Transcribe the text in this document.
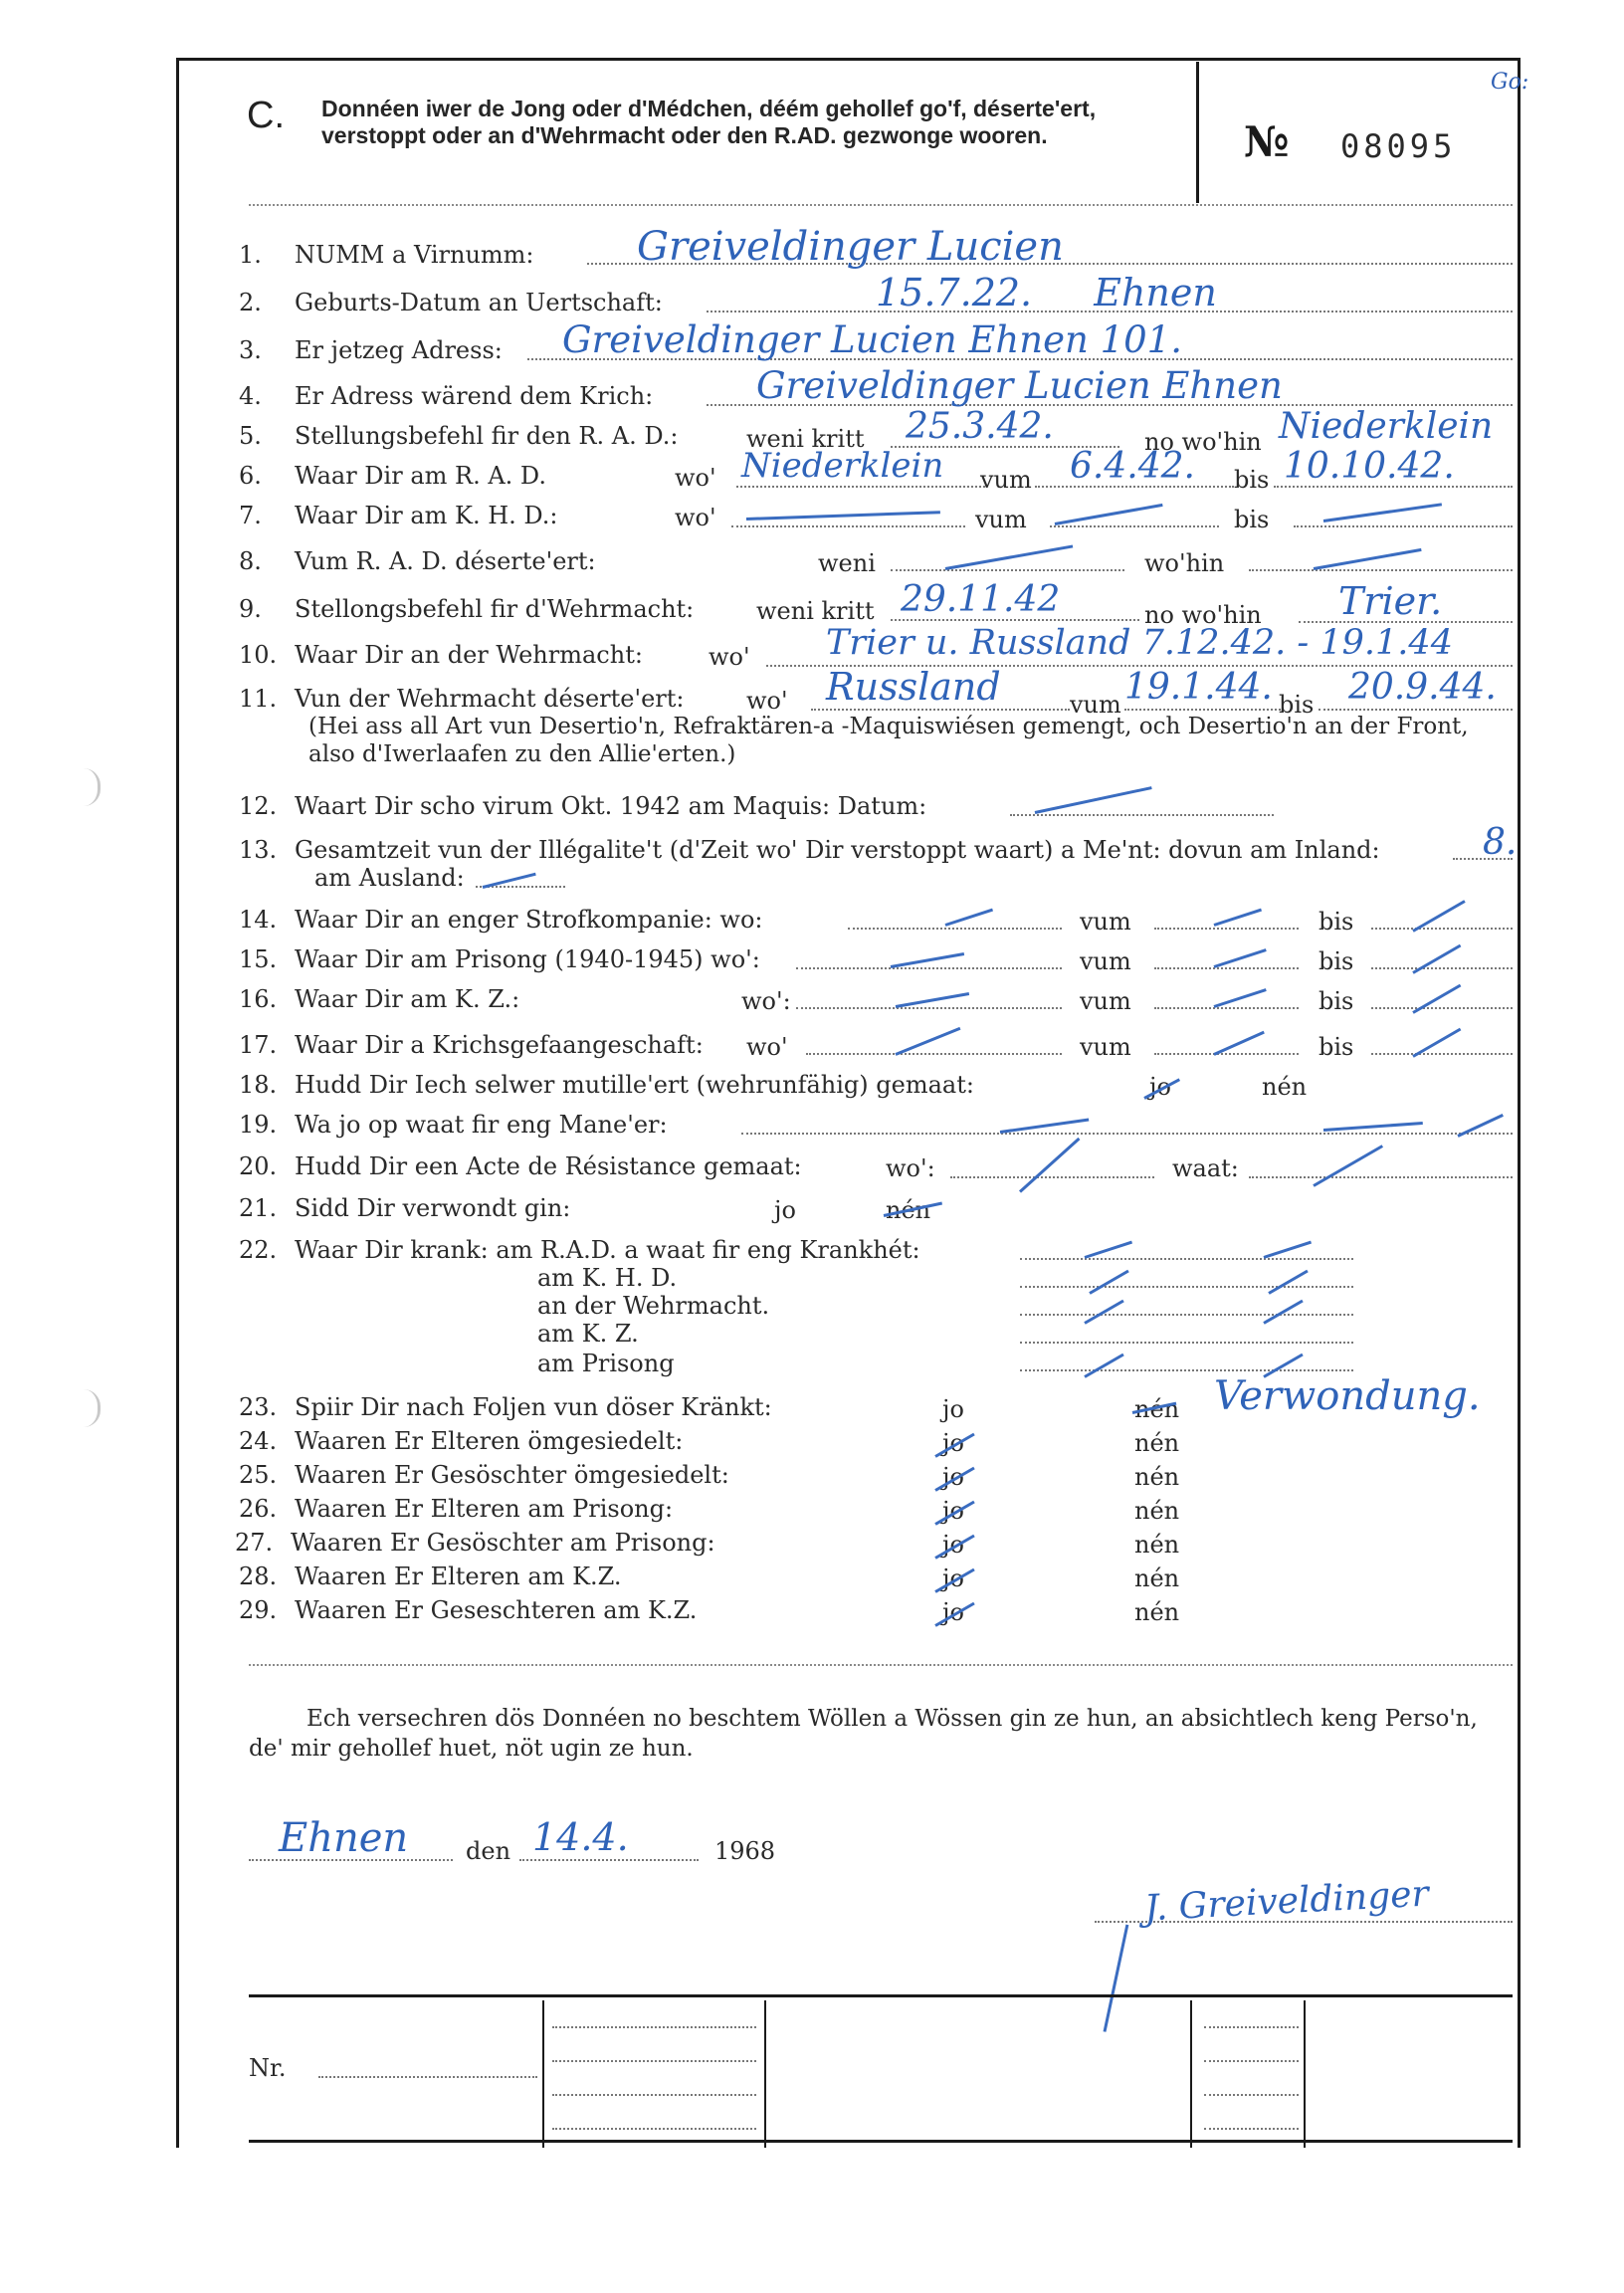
C. Donnéen iwer de Jong oder d'Médchen, déém gehollef go'f, déserte'ert, verstoppt oder an d'Wehrmacht oder den R.AD. gezwonge wooren.	№ 08095
Go:
1. NUMM a Virnumm:	Greiveldinger Lucien
2. Geburts-Datum an Uertschaft:	15.7.22. Ehnen
3. Er jetzeg Adress: Greiveldinger Lucien Ehnen 101.
4. Er Adress wärend dem Krich:	Greiveldinger Lucien Ehnen
5. Stellungsbefehl fir den R. A. D.:	weni kritt 25.3.42.	no wo'hin Niederklein
6. Waar Dir am R. A. D.	wo' Niederklein vum 6.4.42. bis 10.10.42.
7. Waar Dir am K. H. D.:	wo'	vum	bis
8. Vum R. A. D. déserte'ert:	weni	wo'hin
9. Stellongsbefehl fir d'Wehrmacht:	weni kritt 29.11.42	no wo'hin Trier.
10. Waar Dir an der Wehrmacht:	wo' Trier u. Russland 7.12.42. - 19.1.44
11. Vun der Wehrmacht déserte'ert:	wo' Russland	vum 19.1.44. bis 20.9.44.
(Hei ass all Art vun Desertio'n, Refraktären-a -Maquiswiésen gemengt, och Desertio'n an der Front, also d'Iwerlaafen zu den Allie'erten.)
12. Waart Dir scho virum Okt. 1942 am Maquis: Datum:
13. Gesamtzeit vun der Illégalite't (d'Zeit wo' Dir verstoppt waart) a Me'nt: dovun am Inland:	8.
am Ausland:
14. Waar Dir an enger Strofkompanie: wo:	vum	bis
15. Waar Dir am Prisong (1940-1945) wo':	vum	bis
16. Waar Dir am K. Z.:	wo':	vum	bis
17. Waar Dir a Krichsgefaangeschaft: wo'	vum	bis
18. Hudd Dir Iech selwer mutille'ert (wehrunfähig) gemaat:	jo	nén
19. Wa jo op waat fir eng Mane'er:
20. Hudd Dir een Acte de Résistance gemaat:	wo':	waat:
21. Sidd Dir verwondt gin:	jo	nén
22. Waar Dir krank: am R.A.D. a waat fir eng Krankhét:
am K. H. D.
an der Wehrmacht.
am K. Z.
am Prisong
23. Spiir Dir nach Foljen vun döser Kränkt:	jo	nén Verwondung.
24. Waaren Er Elteren ömgesiedelt:	jo	nén
25. Waaren Er Gesöschter ömgesiedelt:	jo	nén
26. Waaren Er Elteren am Prisong:	jo	nén
27. Waaren Er Gesöschter am Prisong:	jo	nén
28. Waaren Er Elteren am K.Z.	jo	nén
29. Waaren Er Geseschteren am K.Z.	jo	nén
Ech versechren dös Donnéen no beschtem Wöllen a Wössen gin ze hun, an absichtlech keng Perso'n, de' mir gehollef huet, nöt ugin ze hun.
Ehnen den 14.4.	1968
J. Greiveldinger
Nr.
